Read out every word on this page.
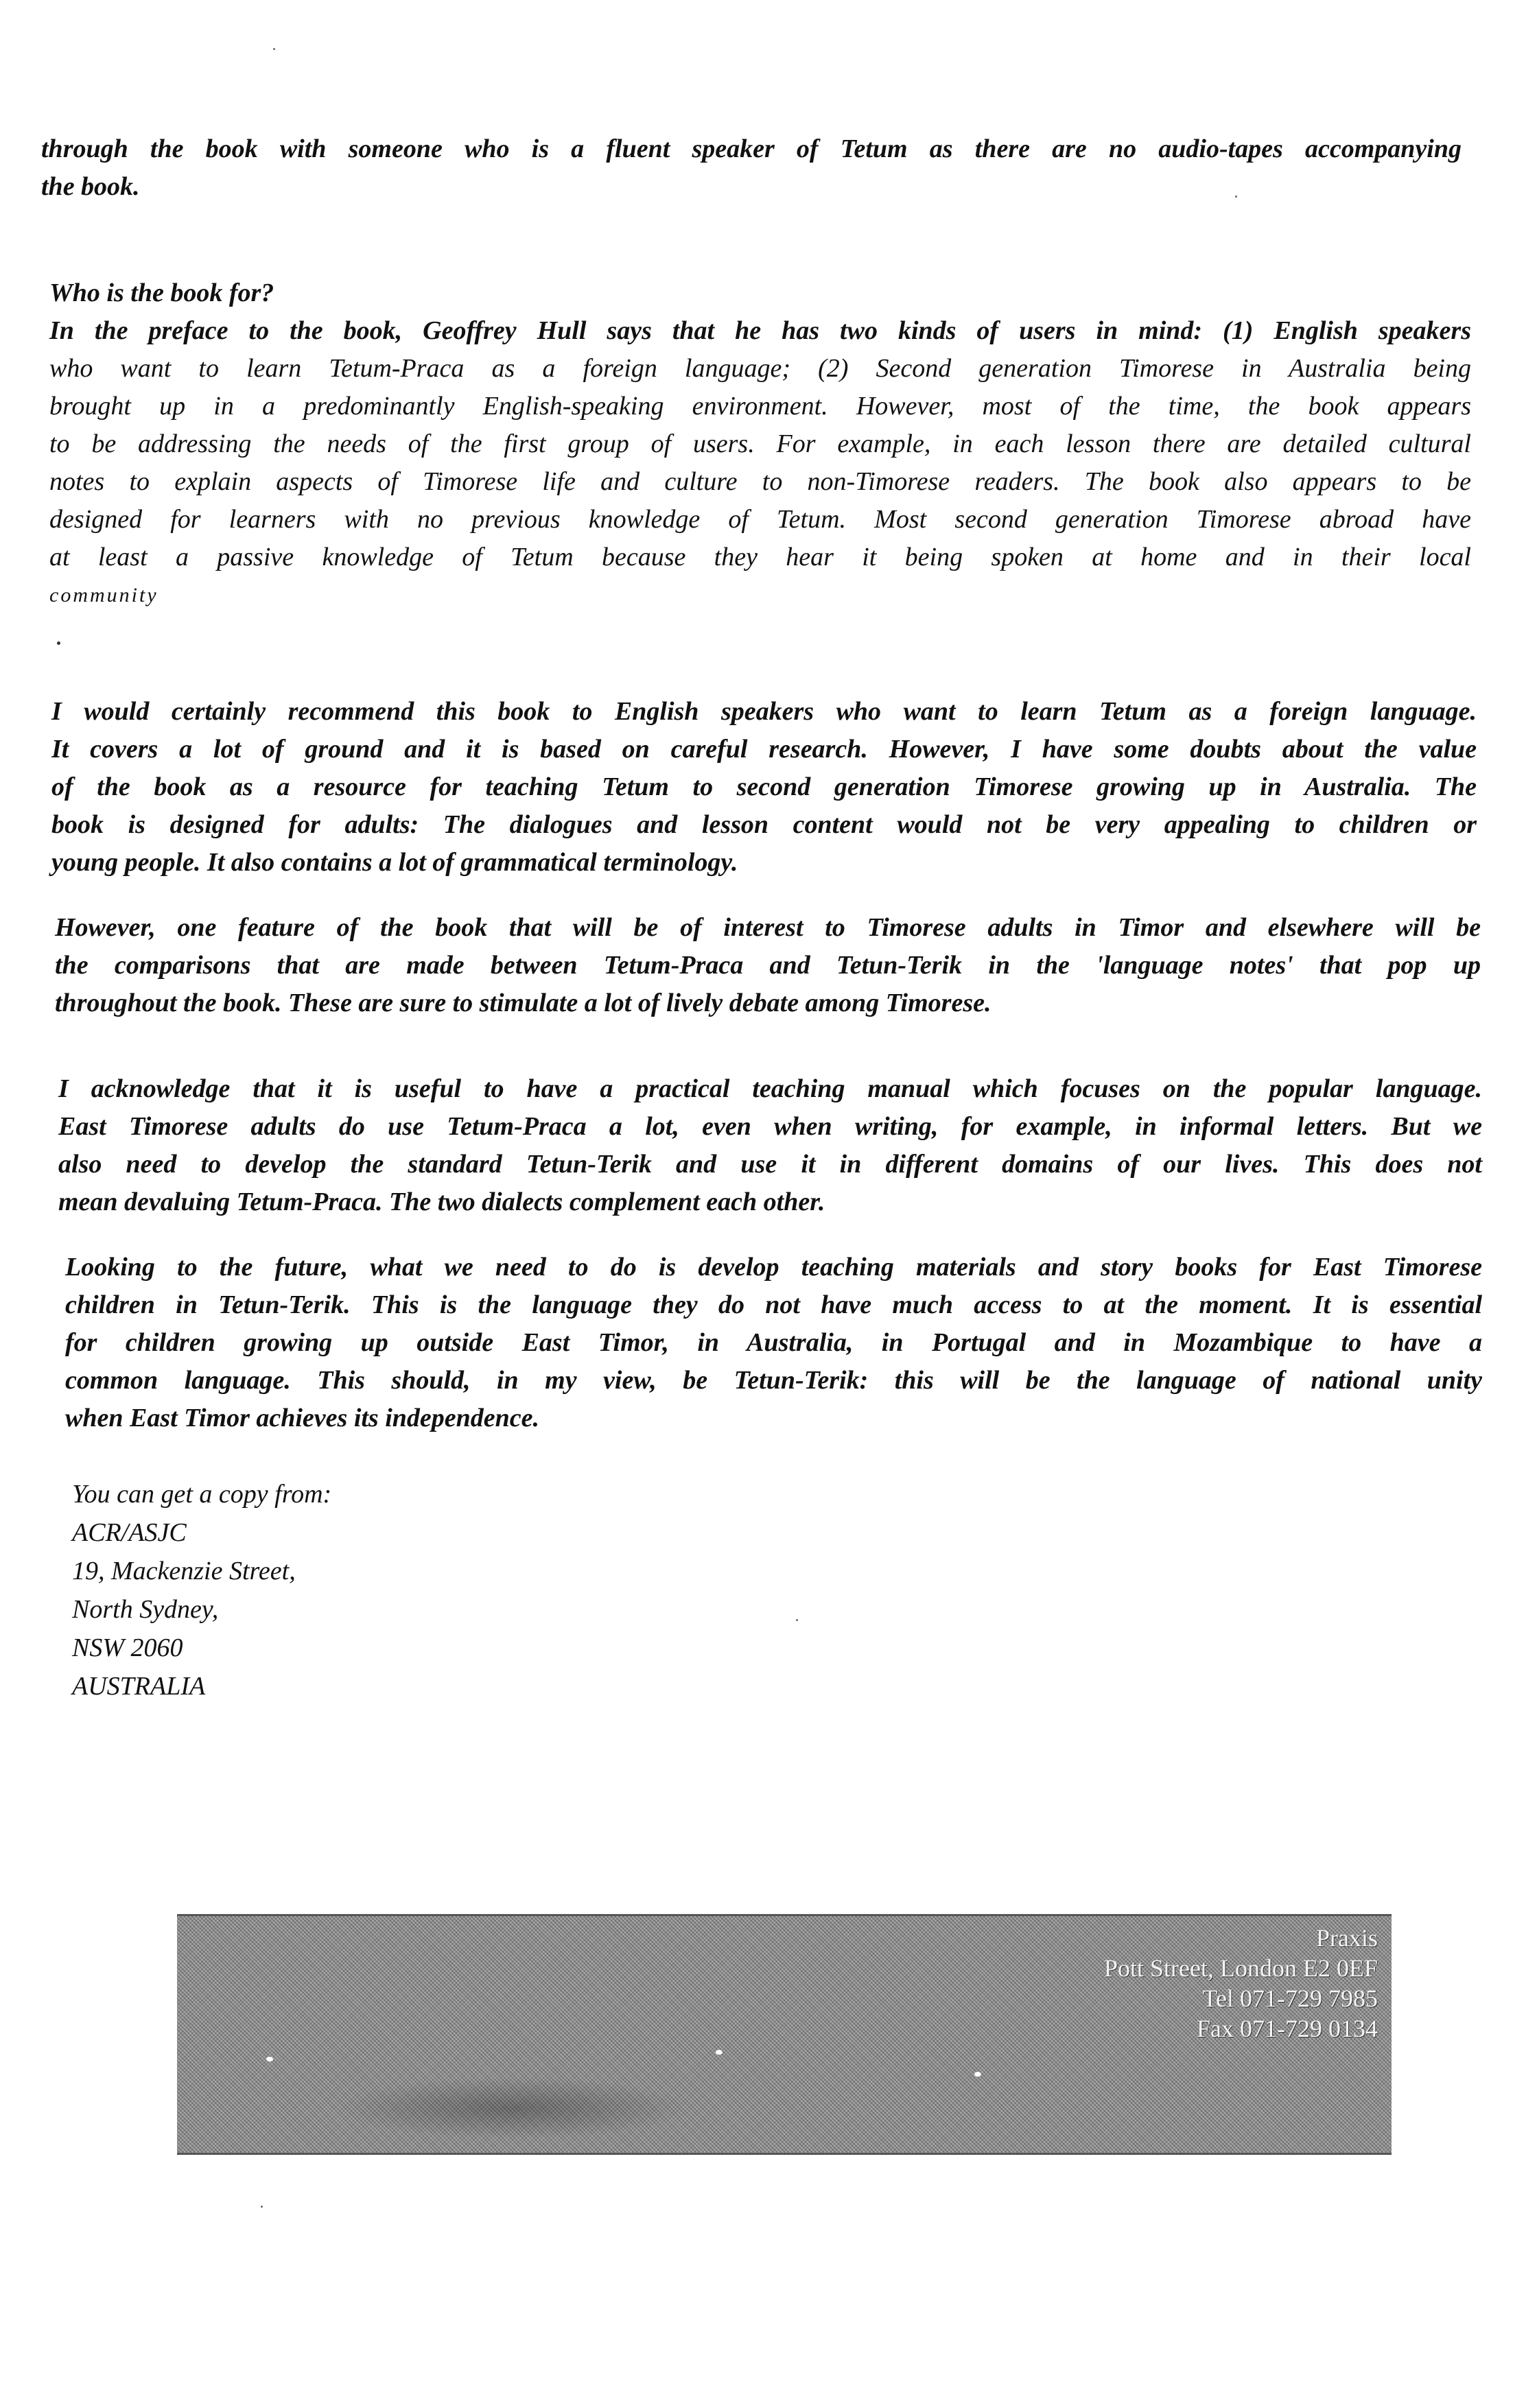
through the book with someone who is a fluent speaker of Tetum as there are no audio-tapes accompanying
the book.
Who is the book for?
In the preface to the book, Geoffrey Hull says that he has two kinds of users in mind: (1) English speakers
who want to learn Tetum-Praca as a foreign language; (2) Second generation Timorese in Australia being
brought up in a predominantly English-speaking environment. However, most of the time, the book appears
to be addressing the needs of the first group of users. For example, in each lesson there are detailed cultural
notes to explain aspects of Timorese life and culture to non-Timorese readers. The book also appears to be
designed for learners with no previous knowledge of Tetum. Most second generation Timorese abroad have
at least a passive knowledge of Tetum because they hear it being spoken at home and in their local
community
I would certainly recommend this book to English speakers who want to learn Tetum as a foreign language.
It covers a lot of ground and it is based on careful research. However, I have some doubts about the value
of the book as a resource for teaching Tetum to second generation Timorese growing up in Australia. The
book is designed for adults: The dialogues and lesson content would not be very appealing to children or
young people. It also contains a lot of grammatical terminology.
However, one feature of the book that will be of interest to Timorese adults in Timor and elsewhere will be
the comparisons that are made between Tetum-Praca and Tetun-Terik in the 'language notes' that pop up
throughout the book. These are sure to stimulate a lot of lively debate among Timorese.
I acknowledge that it is useful to have a practical teaching manual which focuses on the popular language.
East Timorese adults do use Tetum-Praca a lot, even when writing, for example, in informal letters. But we
also need to develop the standard Tetun-Terik and use it in different domains of our lives. This does not
mean devaluing Tetum-Praca. The two dialects complement each other.
Looking to the future, what we need to do is develop teaching materials and story books for East Timorese
children in Tetun-Terik. This is the language they do not have much access to at the moment. It is essential
for children growing up outside East Timor, in Australia, in Portugal and in Mozambique to have a
common language. This should, in my view, be Tetun-Terik: this will be the language of national unity
when East Timor achieves its independence.
You can get a copy from:
ACR/ASJC
19, Mackenzie Street,
North Sydney,
NSW 2060
AUSTRALIA
Praxis
Pott Street, London E2 0EF
Tel 071-729 7985
Fax 071-729 0134
